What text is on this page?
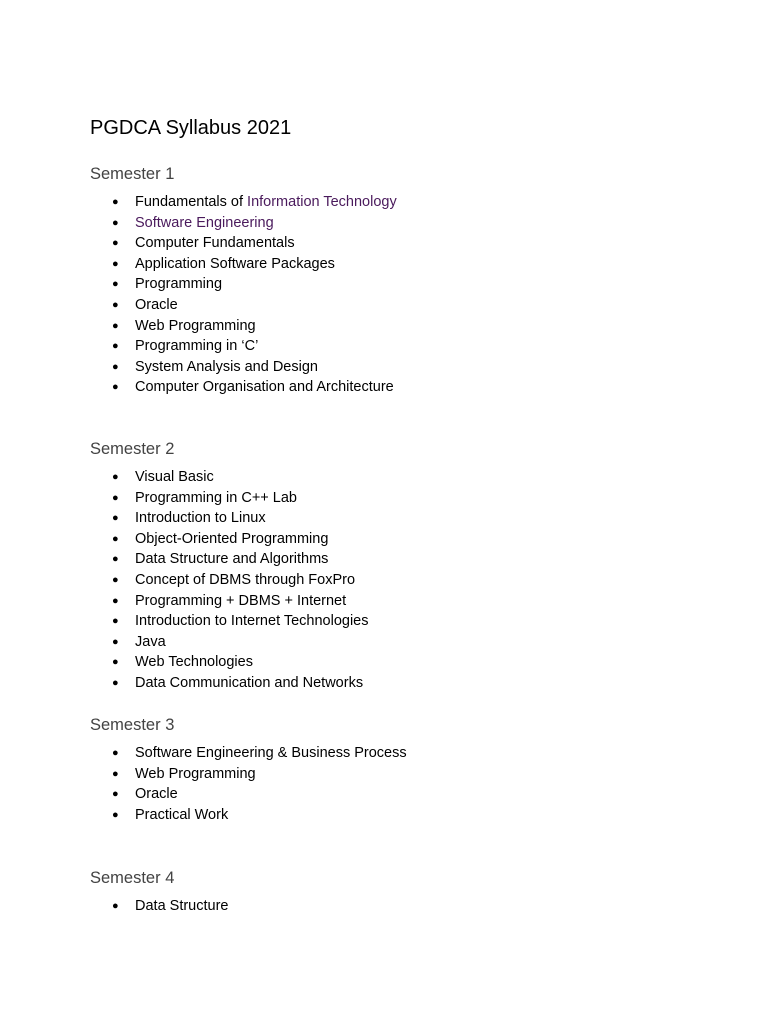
PGDCA Syllabus 2021
Semester 1
● Fundamentals of Information Technology
● Software Engineering
● Computer Fundamentals
● Application Software Packages
● Programming
● Oracle
● Web Programming
● Programming in ‘C’
● System Analysis and Design
● Computer Organisation and Architecture
Semester 2
● Visual Basic
● Programming in C++ Lab
● Introduction to Linux
● Object-Oriented Programming
● Data Structure and Algorithms
● Concept of DBMS through FoxPro
● Programming + DBMS + Internet
● Introduction to Internet Technologies
● Java
● Web Technologies
● Data Communication and Networks
Semester 3
● Software Engineering & Business Process
● Web Programming
● Oracle
● Practical Work
Semester 4
● Data Structure
